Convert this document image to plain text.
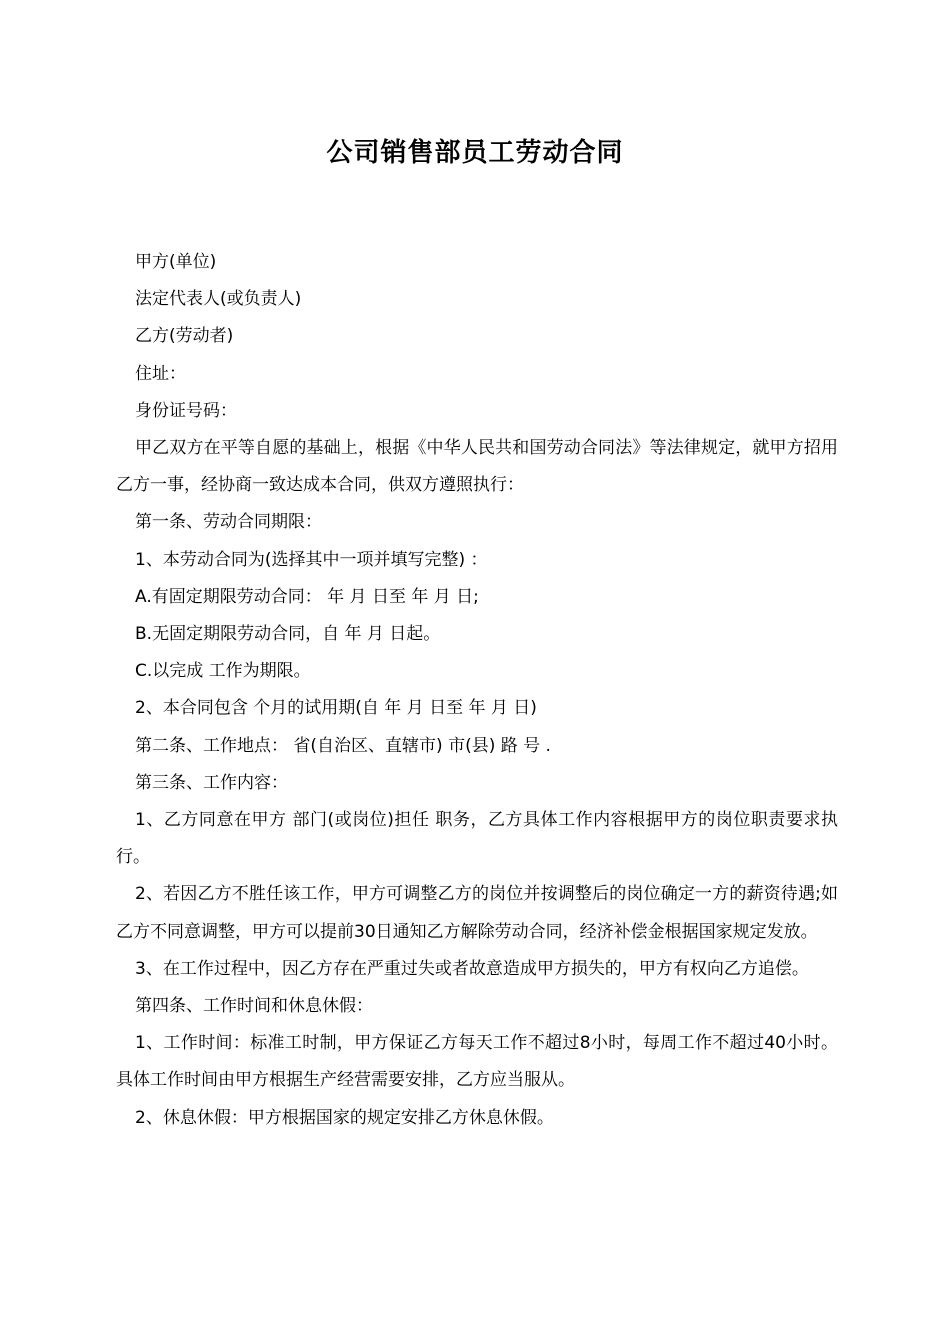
公司销售部员工劳动合同

甲方(单位)

法定代表人(或负责人)

乙方(劳动者)

住址：

身份证号码：

甲乙双方在平等自愿的基础上，根据《中华人民共和国劳动合同法》等法律规定，就甲方招用乙方一事，经协商一致达成本合同，供双方遵照执行：

第一条、劳动合同期限：

1、本劳动合同为(选择其中一项并填写完整) ：

A.有固定期限劳动合同： 年 月 日至 年 月 日;

B.无固定期限劳动合同，自 年 月 日起。

C.以完成 工作为期限。

2、本合同包含 个月的试用期(自 年 月 日至 年 月 日)

第二条、工作地点： 省(自治区、直辖市) 市(县) 路 号 .

第三条、工作内容：

1、乙方同意在甲方 部门(或岗位)担任 职务，乙方具体工作内容根据甲方的岗位职责要求执行。

2、若因乙方不胜任该工作，甲方可调整乙方的岗位并按调整后的岗位确定一方的薪资待遇;如乙方不同意调整，甲方可以提前30日通知乙方解除劳动合同，经济补偿金根据国家规定发放。

3、在工作过程中，因乙方存在严重过失或者故意造成甲方损失的，甲方有权向乙方追偿。

第四条、工作时间和休息休假：

1、工作时间：标准工时制，甲方保证乙方每天工作不超过8小时，每周工作不超过40小时。具体工作时间由甲方根据生产经营需要安排，乙方应当服从。

2、休息休假：甲方根据国家的规定安排乙方休息休假。
